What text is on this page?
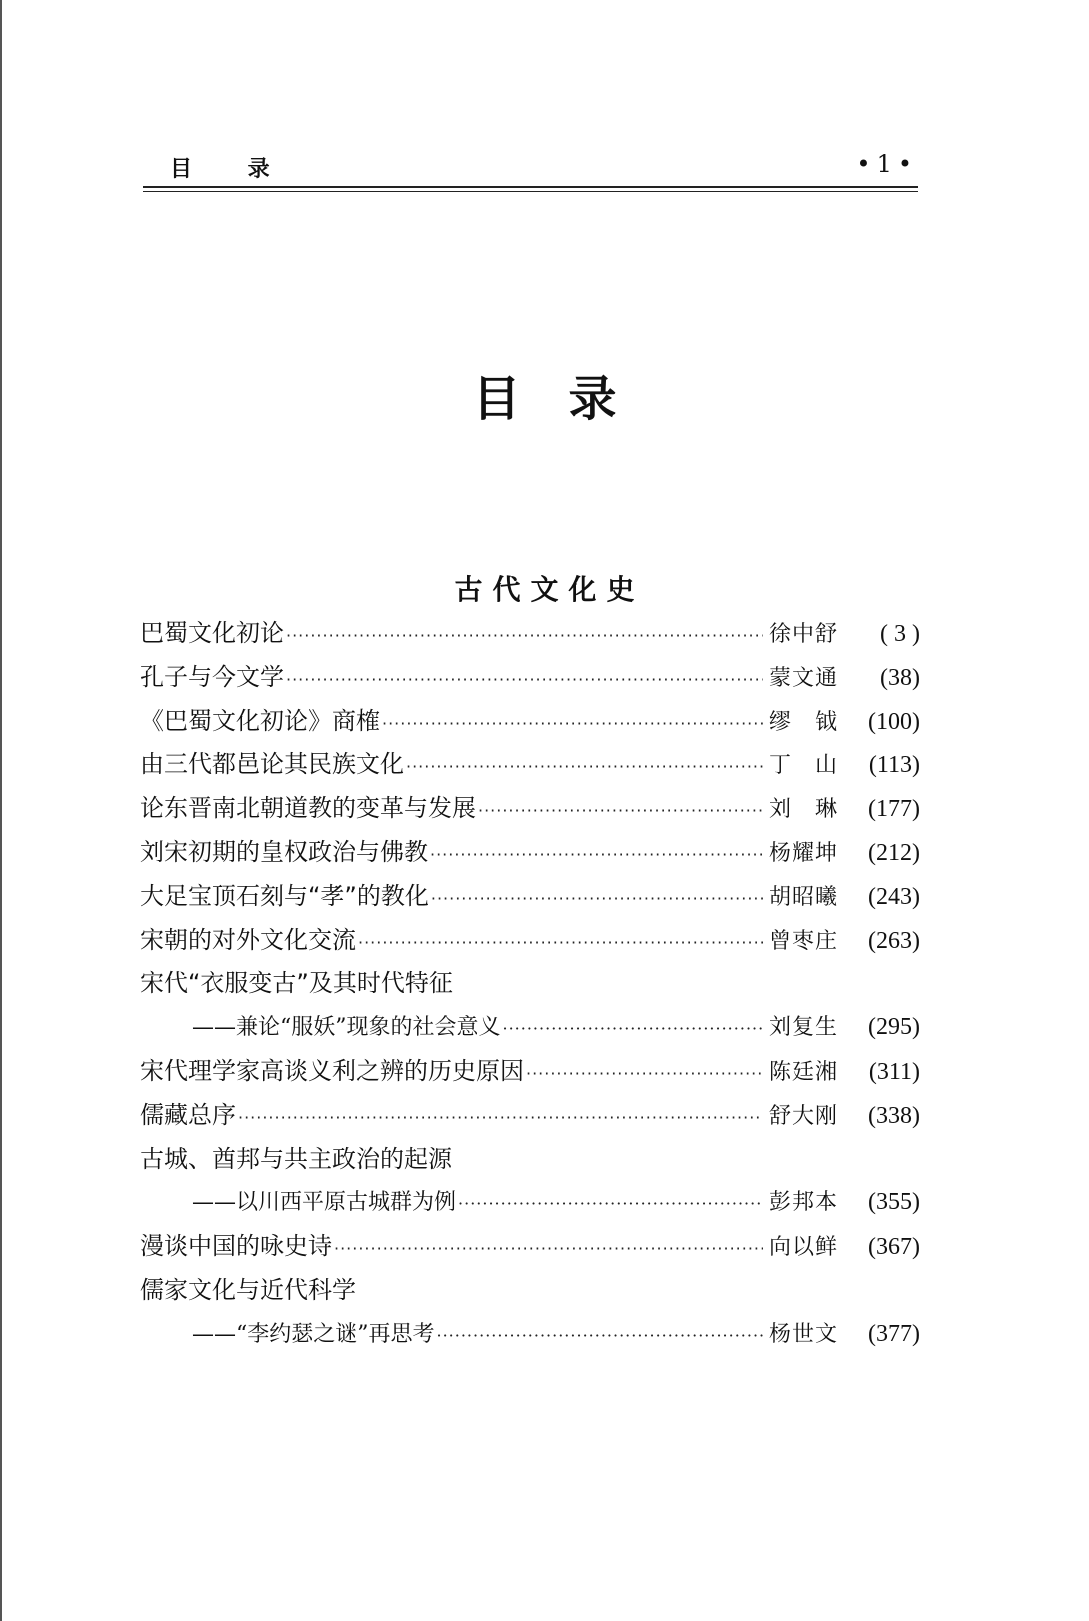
目 录	•1•
目录
古代文化史
巴蜀文化初论 ·····	徐中舒	( 3 )
孔子与今文学 ·····	蒙文通	(38)
《巴蜀文化初论》商榷 ·····	缪　钺	(100)
由三代都邑论其民族文化 ·····	丁　山	(113)
论东晋南北朝道教的变革与发展 ·····	刘　琳	(177)
刘宋初期的皇权政治与佛教 ·····	杨耀坤	(212)
大足宝顶石刻与“孝”的教化 ·····	胡昭曦	(243)
宋朝的对外文化交流 ·····	曾枣庄	(263)
宋代“衣服变古”及其时代特征
——兼论“服妖”现象的社会意义 ·····	刘复生	(295)
宋代理学家高谈义利之辨的历史原因 ·····	陈廷湘	(311)
儒藏总序 ·····	舒大刚	(338)
古城、酋邦与共主政治的起源
——以川西平原古城群为例 ·····	彭邦本	(355)
漫谈中国的咏史诗 ·····	向以鲜	(367)
儒家文化与近代科学
——“李约瑟之谜”再思考 ·····	杨世文	(377)
